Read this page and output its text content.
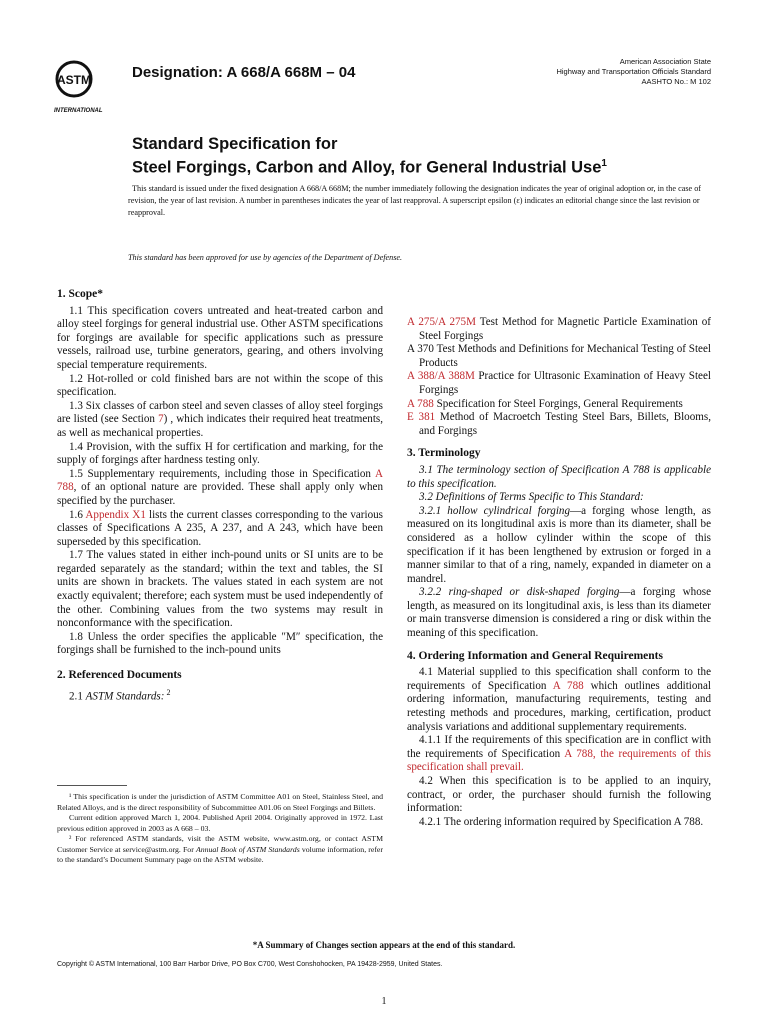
ASTM
INTERNATIONAL
Designation: A 668/A 668M – 04
American Association State
Highway and Transportation Officials Standard
AASHTO No.: M 102
Standard Specification for
Steel Forgings, Carbon and Alloy, for General Industrial Use$^1$

This standard is issued under the fixed designation A 668/A 668M; the number immediately following the designation indicates the year of original adoption or, in the case of revision, the year of last revision. A number in parentheses indicates the year of last reapproval. A superscript epsilon (ε) indicates an editorial change since the last revision or reapproval.

This standard has been approved for use by agencies of the Department of Defense.
1. Scope*

1.1 This specification covers untreated and heat-treated carbon and alloy steel forgings for general industrial use. Other ASTM specifications for forgings are available for specific applications such as pressure vessels, railroad use, turbine generators, gearing, and others involving special temperature requirements.

1.2 Hot-rolled or cold finished bars are not within the scope of this specification.

1.3 Six classes of carbon steel and seven classes of alloy steel forgings are listed (see Section 7) , which indicates their required heat treatments, as well as mechanical properties.

1.4 Provision, with the suffix H for certification and marking, for the supply of forgings after hardness testing only.

1.5 Supplementary requirements, including those in Specification A 788, of an optional nature are provided. These shall apply only when specified by the purchaser.

1.6 Appendix X1 lists the current classes corresponding to the various classes of Specifications A 235, A 237, and A 243, which have been superseded by this specification.

1.7 The values stated in either inch-pound units or SI units are to be regarded separately as the standard; within the text and tables, the SI units are shown in brackets. The values stated in each system are not exactly equivalent; therefore; each system must be used independently of the other. Combining values from the two systems may result in nonconformance with the specification.

1.8 Unless the order specifies the applicable ″M″ specification, the forgings shall be furnished to the inch-pound units

2. Referenced Documents

2.1 ASTM Standards: $^2$

A 275/A 275M Test Method for Magnetic Particle Examination of Steel Forgings

A 370 Test Methods and Definitions for Mechanical Testing of Steel Products

A 388/A 388M Practice for Ultrasonic Examination of Heavy Steel Forgings

A 788 Specification for Steel Forgings, General Requirements

E 381 Method of Macroetch Testing Steel Bars, Billets, Blooms, and Forgings

3. Terminology

3.1 The terminology section of Specification A 788 is applicable to this specification.

3.2 Definitions of Terms Specific to This Standard:

3.2.1 hollow cylindrical forging—a forging whose length, as measured on its longitudinal axis is more than its diameter, shall be considered as a hollow cylinder within the scope of this specification if it has been lengthened by extrusion or forged in a manner similar to that of a ring, namely, expanded in diameter on a mandrel.

3.2.2 ring-shaped or disk-shaped forging—a forging whose length, as measured on its longitudinal axis, is less than its diameter or main transverse dimension is considered a ring or disk within the meaning of this specification.

4. Ordering Information and General Requirements

4.1 Material supplied to this specification shall conform to the requirements of Specification A 788 which outlines additional ordering information, manufacturing requirements, testing and retesting methods and procedures, marking, certification, product analysis variations and additional supplementary requirements.

4.1.1 If the requirements of this specification are in conflict with the requirements of Specification A 788, the requirements of this specification shall prevail.

4.2 When this specification is to be applied to an inquiry, contract, or order, the purchaser should furnish the following information:

4.2.1 The ordering information required by Specification A 788.

¹ This specification is under the jurisdiction of ASTM Committee A01 on Steel, Stainless Steel, and Related Alloys, and is the direct responsibility of Subcommittee A01.06 on Steel Forgings and Billets.

Current edition approved March 1, 2004. Published April 2004. Originally approved in 1972. Last previous edition approved in 2003 as A 668 – 03.

² For referenced ASTM standards, visit the ASTM website, www.astm.org, or contact ASTM Customer Service at service@astm.org. For Annual Book of ASTM Standards volume information, refer to the standard’s Document Summary page on the ASTM website.

*A Summary of Changes section appears at the end of this standard.
Copyright © ASTM International, 100 Barr Harbor Drive, PO Box C700, West Conshohocken, PA 19428-2959, United States.
1
